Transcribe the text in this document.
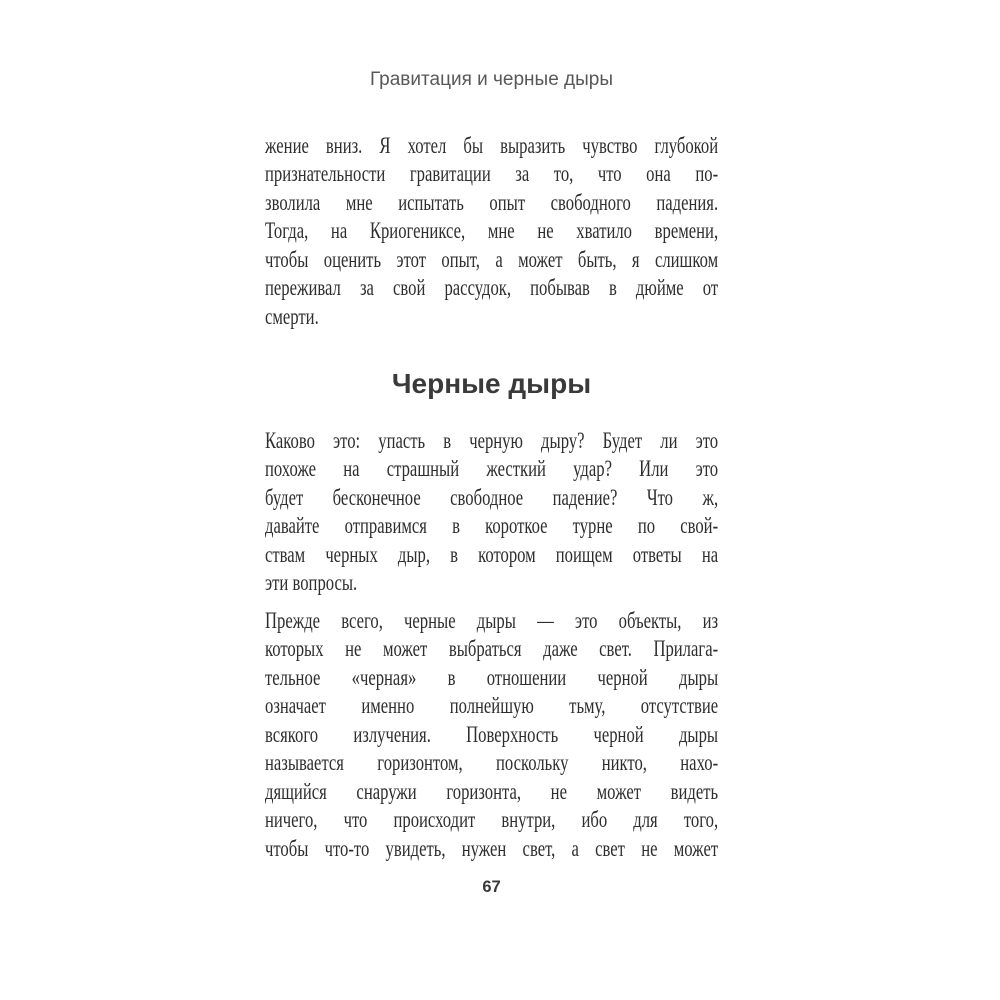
Гравитация и черные дыры
жение вниз. Я хотел бы выразить чувство глубокой
признательности гравитации за то, что она по-
зволила мне испытать опыт свободного падения.
Тогда, на Криогениксе, мне не хватило времени,
чтобы оценить этот опыт, а может быть, я слишком
переживал за свой рассудок, побывав в дюйме от
смерти.
Черные дыры
Каково это: упасть в черную дыру? Будет ли это
похоже на страшный жесткий удар? Или это
будет бесконечное свободное падение? Что ж,
давайте отправимся в короткое турне по свой-
ствам черных дыр, в котором поищем ответы на
эти вопросы.
Прежде всего, черные дыры — это объекты, из
которых не может выбраться даже свет. Прилага-
тельное «черная» в отношении черной дыры
означает именно полнейшую тьму, отсутствие
всякого излучения. Поверхность черной дыры
называется горизонтом, поскольку никто, нахо-
дящийся снаружи горизонта, не может видеть
ничего, что происходит внутри, ибо для того,
чтобы что-то увидеть, нужен свет, а свет не может
67
